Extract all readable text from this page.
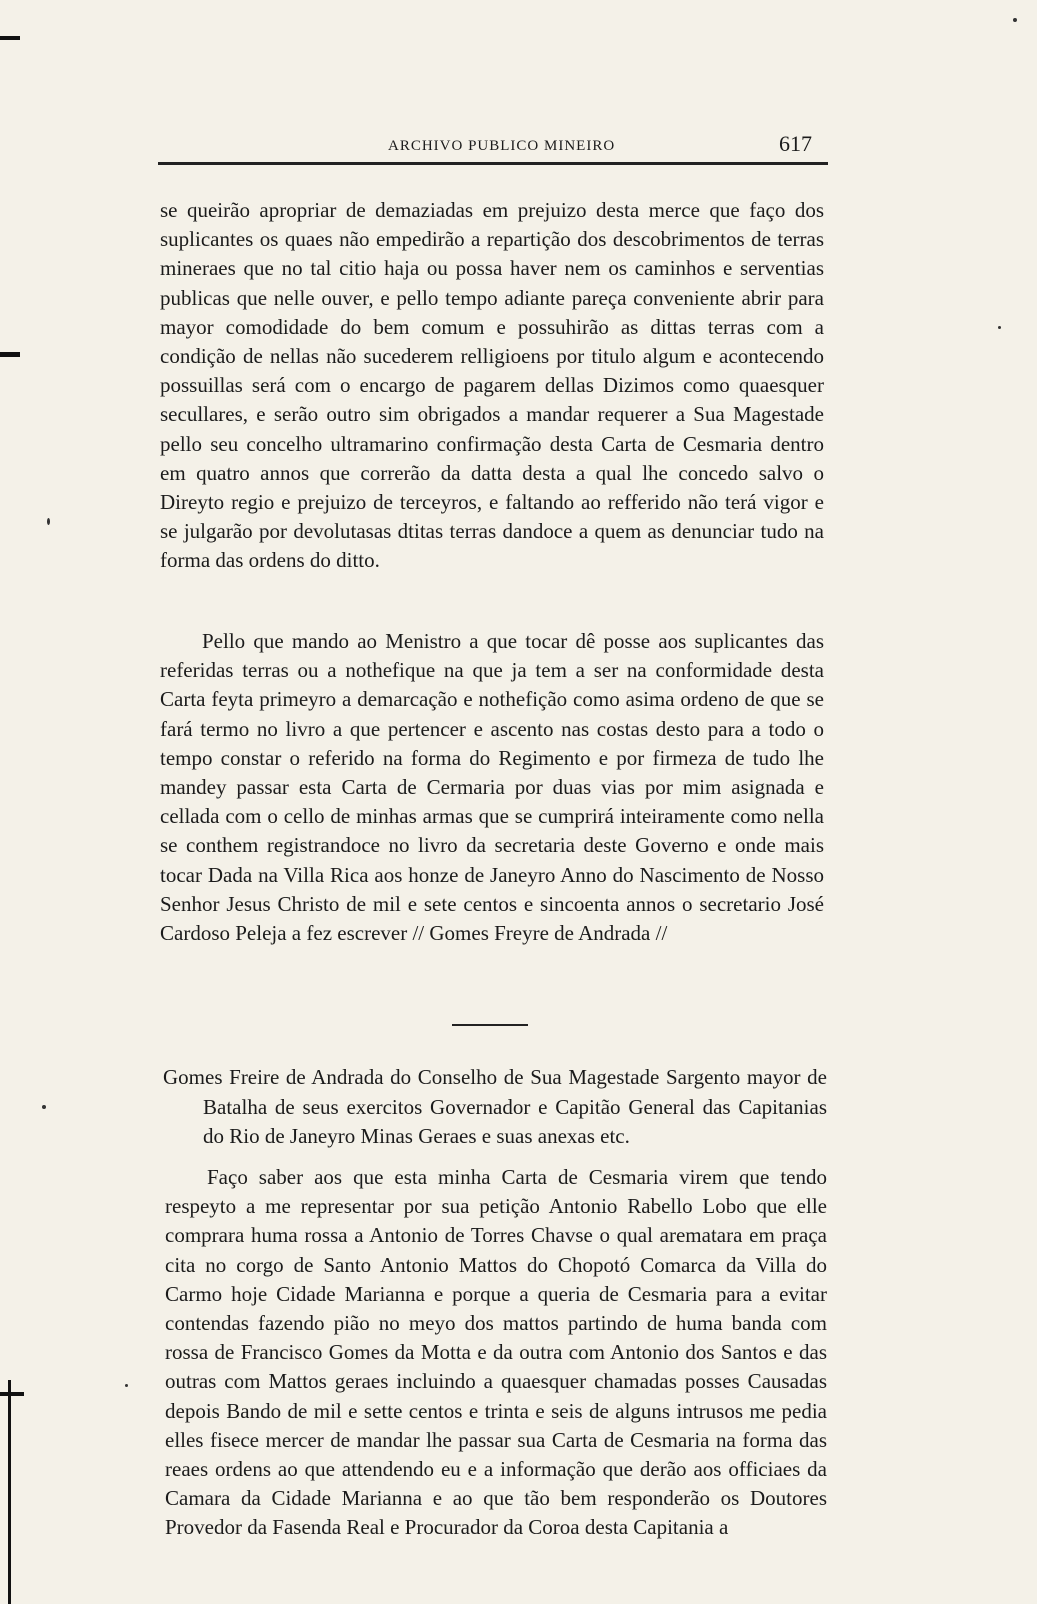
ARCHIVO PUBLICO MINEIRO	617

se queirão apropriar de demaziadas em prejuizo desta merce que faço dos suplicantes os quaes não empedirão a repartição dos descobrimentos de terras mineraes que no tal citio haja ou possa haver nem os caminhos e serventias publicas que nelle ouver, e pello tempo adiante pareça conveniente abrir para mayor comodidade do bem comum e possuhirão as dittas terras com a condição de nellas não sucederem relligioens por titulo algum e acontecendo possuillas será com o encargo de pagarem dellas Dizimos como quaesquer secullares, e serão outro sim obrigados a mandar requerer a Sua Magestade pello seu concelho ultramarino confirmação desta Carta de Cesmaria dentro em quatro annos que correrão da datta desta a qual lhe concedo salvo o Direyto regio e prejuizo de terceyros, e faltando ao refferido não terá vigor e se julgarão por devolutasas dtitas terras dandoce a quem as denunciar tudo na forma das ordens do ditto.

Pello que mando ao Menistro a que tocar dê posse aos suplicantes das referidas terras ou a nothefique na que ja tem a ser na conformidade desta Carta feyta primeyro a demarcação e nothefição como asima ordeno de que se fará termo no livro a que pertencer e ascento nas costas desto para a todo o tempo constar o referido na forma do Regimento e por firmeza de tudo lhe mandey passar esta Carta de Cermaria por duas vias por mim asignada e cellada com o cello de minhas armas que se cumprirá inteiramente como nella se conthem registrandoce no livro da secretaria deste Governo e onde mais tocar Dada na Villa Rica aos honze de Janeyro Anno do Nascimento de Nosso Senhor Jesus Christo de mil e sete centos e sincoenta annos o secretario José Cardoso Peleja a fez escrever // Gomes Freyre de Andrada //

Gomes Freire de Andrada do Conselho de Sua Magestade Sargento mayor de Batalha de seus exercitos Governador e Capitão General das Capitanias do Rio de Janeyro Minas Geraes e suas anexas etc.

Faço saber aos que esta minha Carta de Cesmaria virem que tendo respeyto a me representar por sua petição Antonio Rabello Lobo que elle comprara huma rossa a Antonio de Torres Chavse o qual arematara em praça cita no corgo de Santo Antonio Mattos do Chopotó Comarca da Villa do Carmo hoje Cidade Marianna e porque a queria de Cesmaria para a evitar contendas fazendo pião no meyo dos mattos partindo de huma banda com rossa de Francisco Gomes da Motta e da outra com Antonio dos Santos e das outras com Mattos geraes incluindo a quaesquer chamadas posses Causadas depois Bando de mil e sette centos e trinta e seis de alguns intrusos me pedia elles fisece mercer de mandar lhe passar sua Carta de Cesmaria na forma das reaes ordens ao que attendendo eu e a informação que derão aos officiaes da Camara da Cidade Marianna e ao que tão bem responderão os Doutores Provedor da Fasenda Real e Procurador da Coroa desta Capitania a
